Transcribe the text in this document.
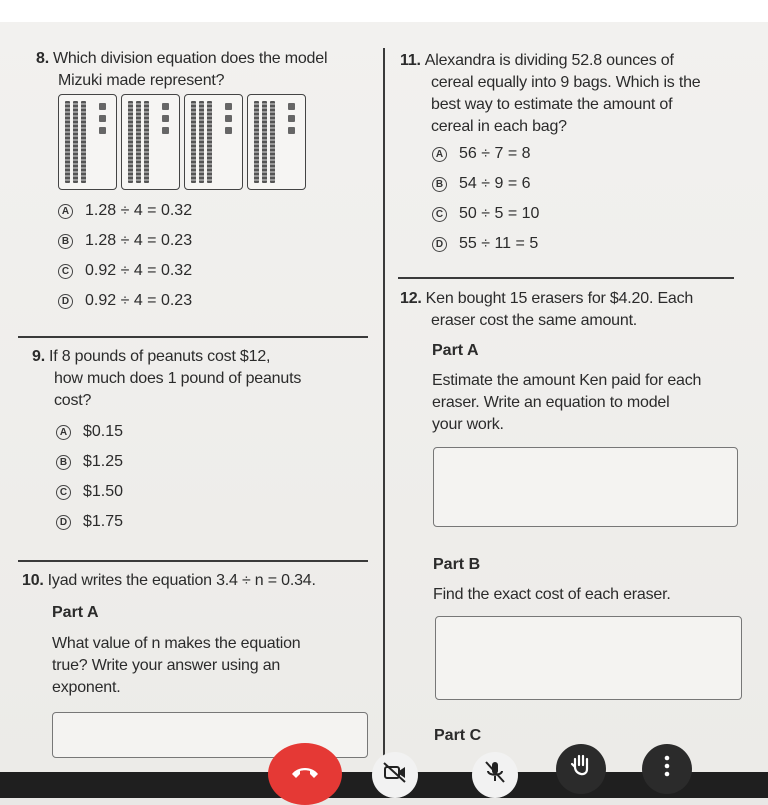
8. Which division equation does the model
Mizuki made represent?
A 1.28 ÷ 4 = 0.32
B 1.28 ÷ 4 = 0.23
C 0.92 ÷ 4 = 0.32
D 0.92 ÷ 4 = 0.23
9. If 8 pounds of peanuts cost $12,
how much does 1 pound of peanuts
cost?
A $0.15
B $1.25
C $1.50
D $1.75
10. Iyad writes the equation 3.4 ÷ n = 0.34.
Part A
What value of n makes the equation
true? Write your answer using an
exponent.
11. Alexandra is dividing 52.8 ounces of
cereal equally into 9 bags. Which is the
best way to estimate the amount of
cereal in each bag?
A 56 ÷ 7 = 8
B 54 ÷ 9 = 6
C 50 ÷ 5 = 10
D 55 ÷ 11 = 5
12. Ken bought 15 erasers for $4.20. Each
eraser cost the same amount.
Part A
Estimate the amount Ken paid for each
eraser. Write an equation to model
your work.
Part B
Find the exact cost of each eraser.
Part C
